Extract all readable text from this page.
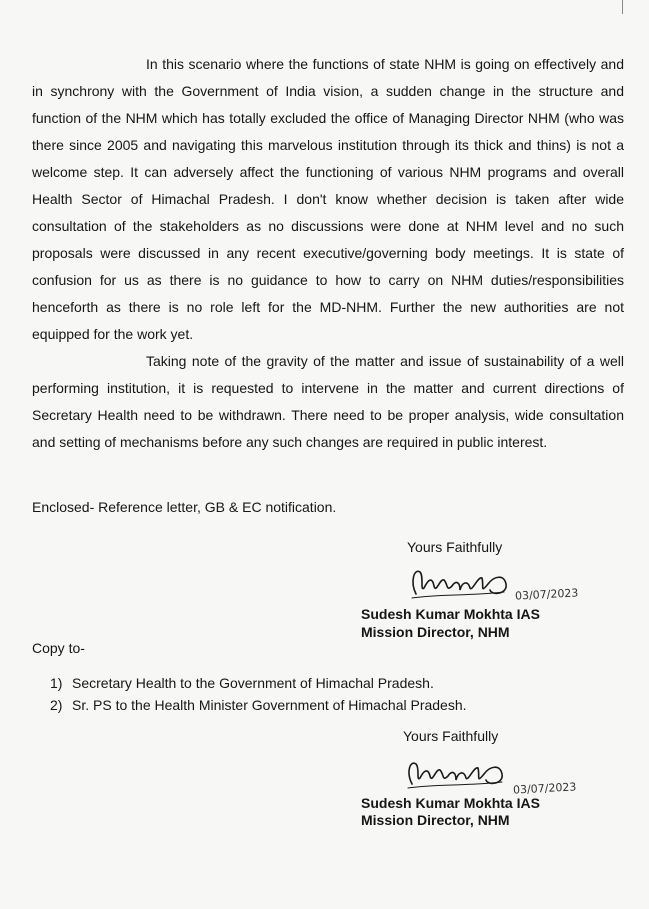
In this scenario where the functions of state NHM is going on effectively and in synchrony with the Government of India vision, a sudden change in the structure and function of the NHM which has totally excluded the office of Managing Director NHM (who was there since 2005 and navigating this marvelous institution through its thick and thins) is not a welcome step. It can adversely affect the functioning of various NHM programs and overall Health Sector of Himachal Pradesh. I don't know whether decision is taken after wide consultation of the stakeholders as no discussions were done at NHM level and no such proposals were discussed in any recent executive/governing body meetings. It is state of confusion for us as there is no guidance to how to carry on NHM duties/responsibilities henceforth as there is no role left for the MD-NHM. Further the new authorities are not equipped for the work yet.

Taking note of the gravity of the matter and issue of sustainability of a well performing institution, it is requested to intervene in the matter and current directions of Secretary Health need to be withdrawn. There need to be proper analysis, wide consultation and setting of mechanisms before any such changes are required in public interest.

Enclosed- Reference letter, GB & EC notification.

Yours Faithfully

03/07/2023

Sudesh Kumar Mokhta IAS

Mission Director, NHM

Copy to-

1) Secretary Health to the Government of Himachal Pradesh.
2) Sr. PS to the Health Minister Government of Himachal Pradesh.

Yours Faithfully

03/07/2023

Sudesh Kumar Mokhta IAS

Mission Director, NHM
